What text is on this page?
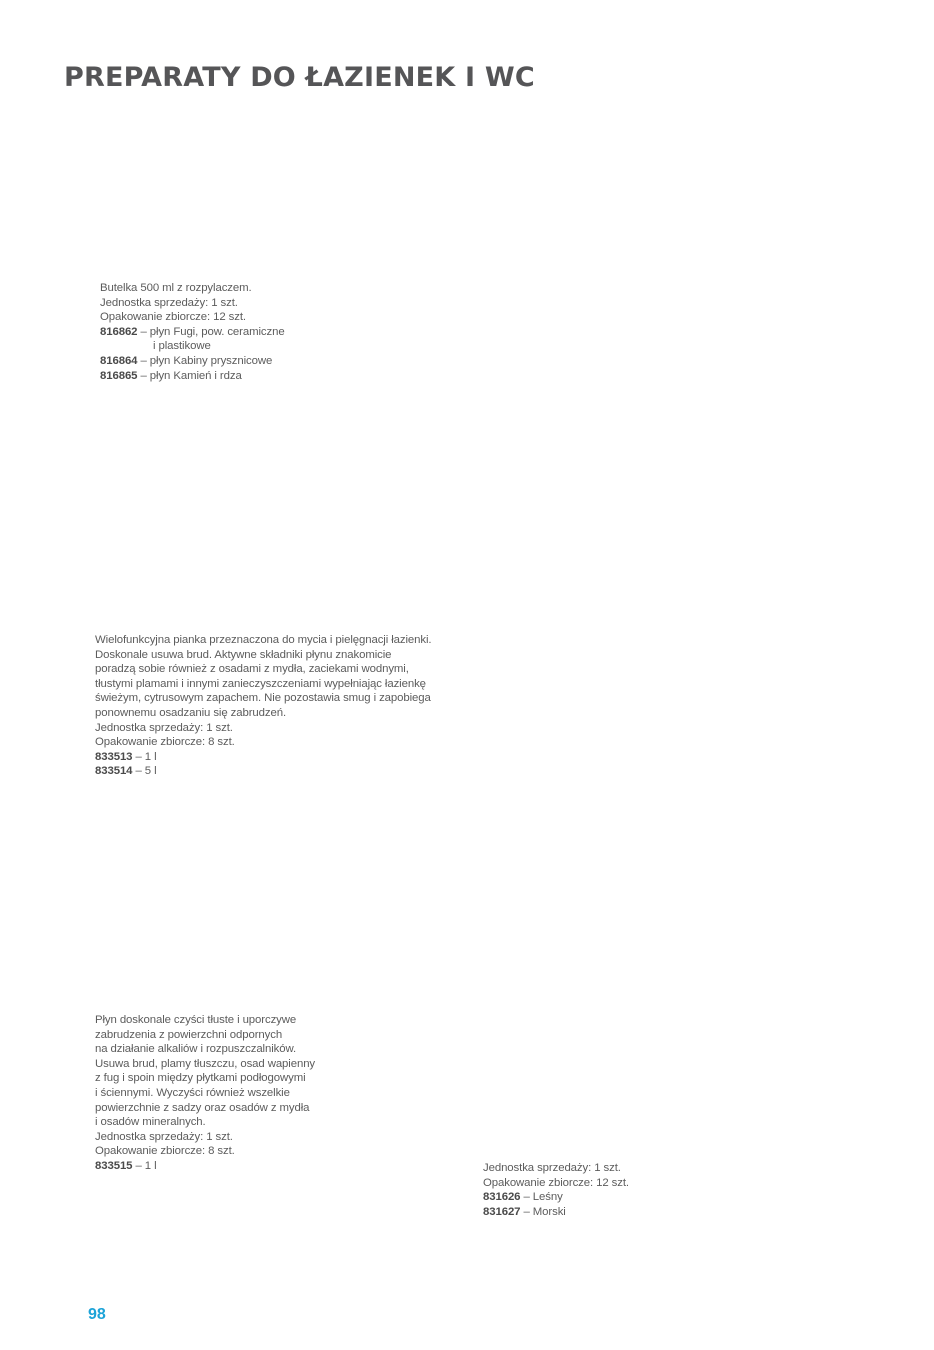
PREPARATY DO ŁAZIENEK I WC
Butelka 500 ml z rozpylaczem.
Jednostka sprzedaży: 1 szt.
Opakowanie zbiorcze: 12 szt.
816862 – płyn Fugi, pow. ceramiczne
i plastikowe
816864 – płyn Kabiny prysznicowe
816865 – płyn Kamień i rdza
Wielofunkcyjna pianka przeznaczona do mycia i pielęgnacji łazienki.
Doskonale usuwa brud. Aktywne składniki płynu znakomicie
poradzą sobie również z osadami z mydła, zaciekami wodnymi,
tłustymi plamami i innymi zanieczyszczeniami wypełniając łazienkę
świeżym, cytrusowym zapachem. Nie pozostawia smug i zapobiega
ponownemu osadzaniu się zabrudzeń.
Jednostka sprzedaży: 1 szt.
Opakowanie zbiorcze: 8 szt.
833513 – 1 l
833514 – 5 l
Płyn doskonale czyści tłuste i uporczywe
zabrudzenia z powierzchni odpornych
na działanie alkaliów i rozpuszczalników.
Usuwa brud, plamy tłuszczu, osad wapienny
z fug i spoin między płytkami podłogowymi
i ściennymi. Wyczyści również wszelkie
powierzchnie z sadzy oraz osadów z mydła
i osadów mineralnych.
Jednostka sprzedaży: 1 szt.
Opakowanie zbiorcze: 8 szt.
833515 – 1 l	Jednostka sprzedaży: 1 szt.
Opakowanie zbiorcze: 12 szt.
831626 – Leśny
831627 – Morski
98
